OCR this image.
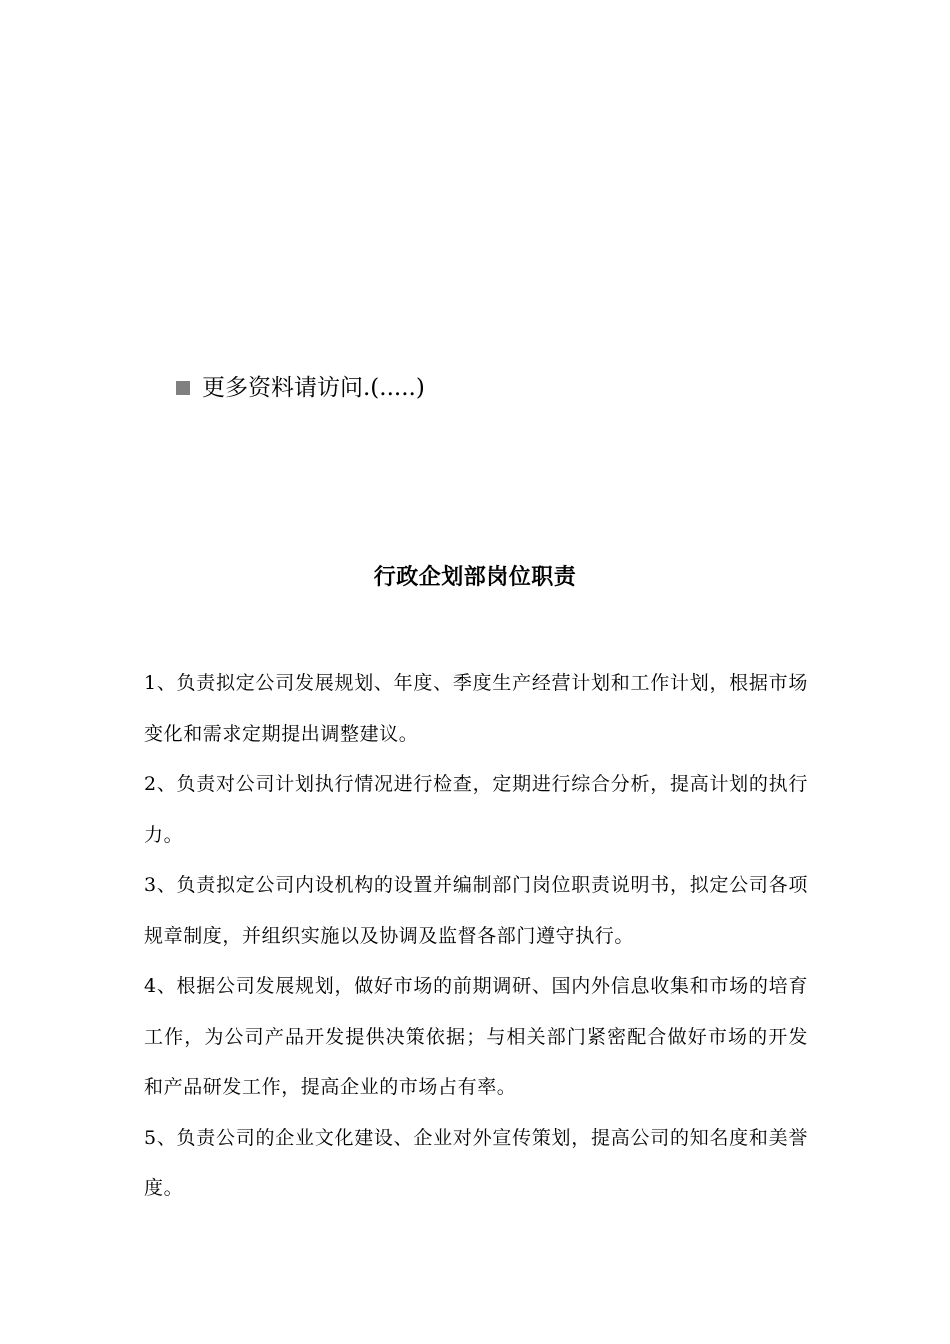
更多资料请访问.(.....)
行政企划部岗位职责

1、负责拟定公司发展规划、年度、季度生产经营计划和工作计划，根据市场变化和需求定期提出调整建议。

2、负责对公司计划执行情况进行检查，定期进行综合分析，提高计划的执行力。

3、负责拟定公司内设机构的设置并编制部门岗位职责说明书，拟定公司各项规章制度，并组织实施以及协调及监督各部门遵守执行。

4、根据公司发展规划，做好市场的前期调研、国内外信息收集和市场的培育工作，为公司产品开发提供决策依据；与相关部门紧密配合做好市场的开发和产品研发工作，提高企业的市场占有率。

5、负责公司的企业文化建设、企业对外宣传策划，提高公司的知名度和美誉度。
